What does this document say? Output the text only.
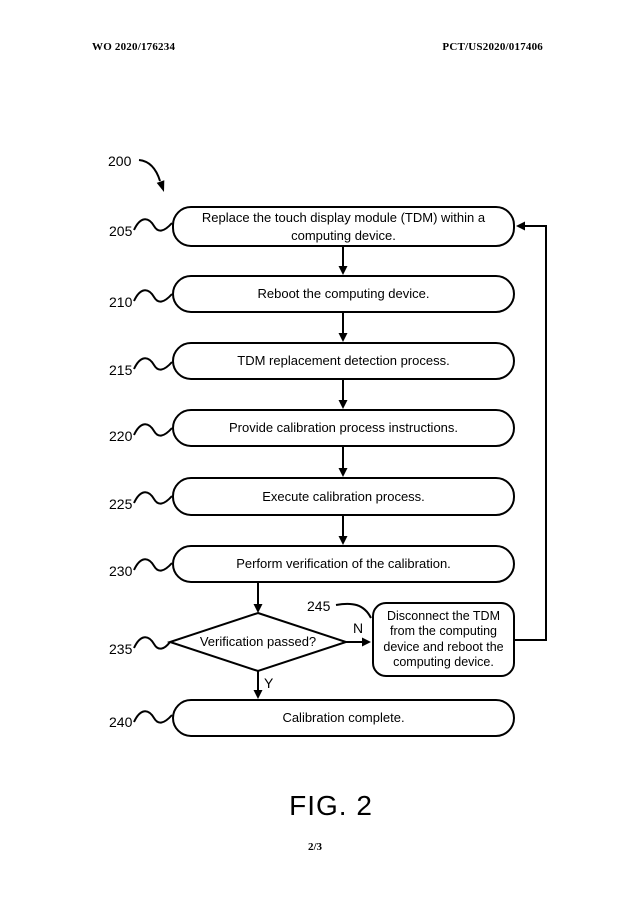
WO 2020/176234	PCT/US2020/017406
200
205
210
215
220
225
230
235
245
240
Replace the touch display module (TDM) within a computing device.
Reboot the computing device.
TDM replacement detection process.
Provide calibration process instructions.
Execute calibration process.
Perform verification of the calibration.
Verification passed?
N
Y
Disconnect the TDM from the computing device and reboot the computing device.
Calibration complete.
FIG. 2
2/3
